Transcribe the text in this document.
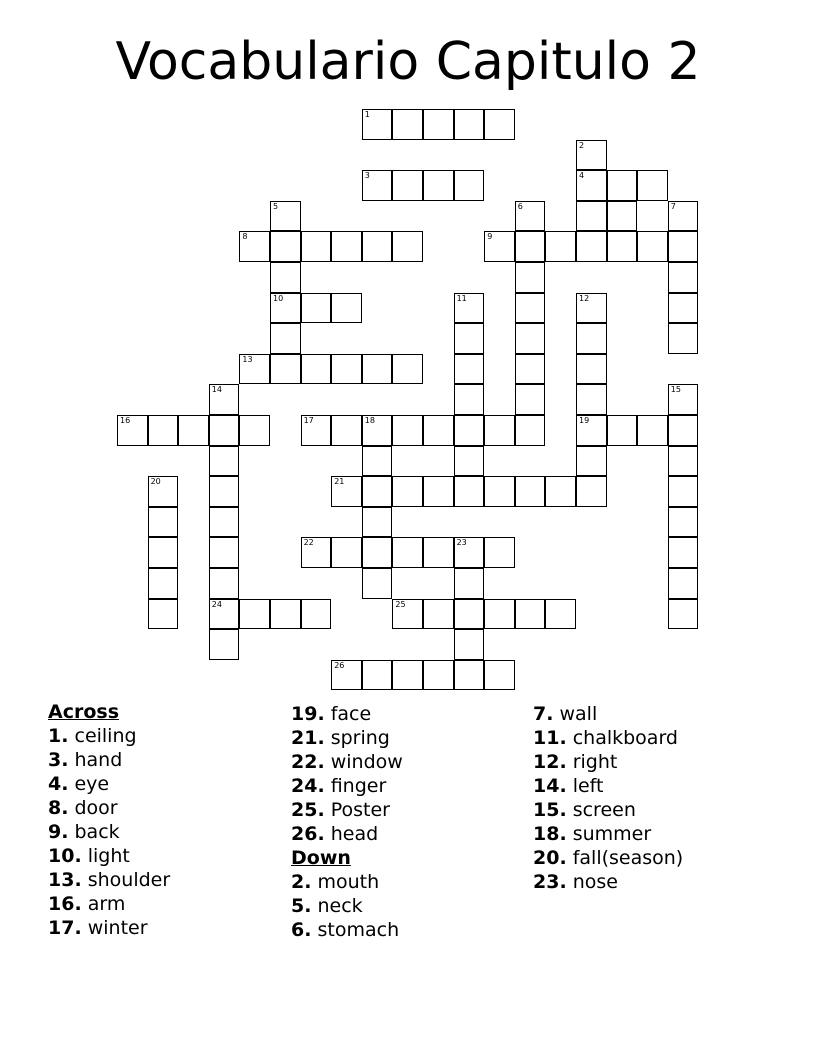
Vocabulario Capitulo 2
1
2
3	4
5	6	7
8	9
10	11	12
13
14	15
16	17	18	19
20	21
22	23
24	25
26
Across
1. ceiling
3. hand
4. eye
8. door
9. back
10. light
13. shoulder
16. arm
17. winter
19. face
21. spring
22. window
24. finger
25. Poster
26. head
Down
2. mouth
5. neck
6. stomach
7. wall
11. chalkboard
12. right
14. left
15. screen
18. summer
20. fall(season)
23. nose
